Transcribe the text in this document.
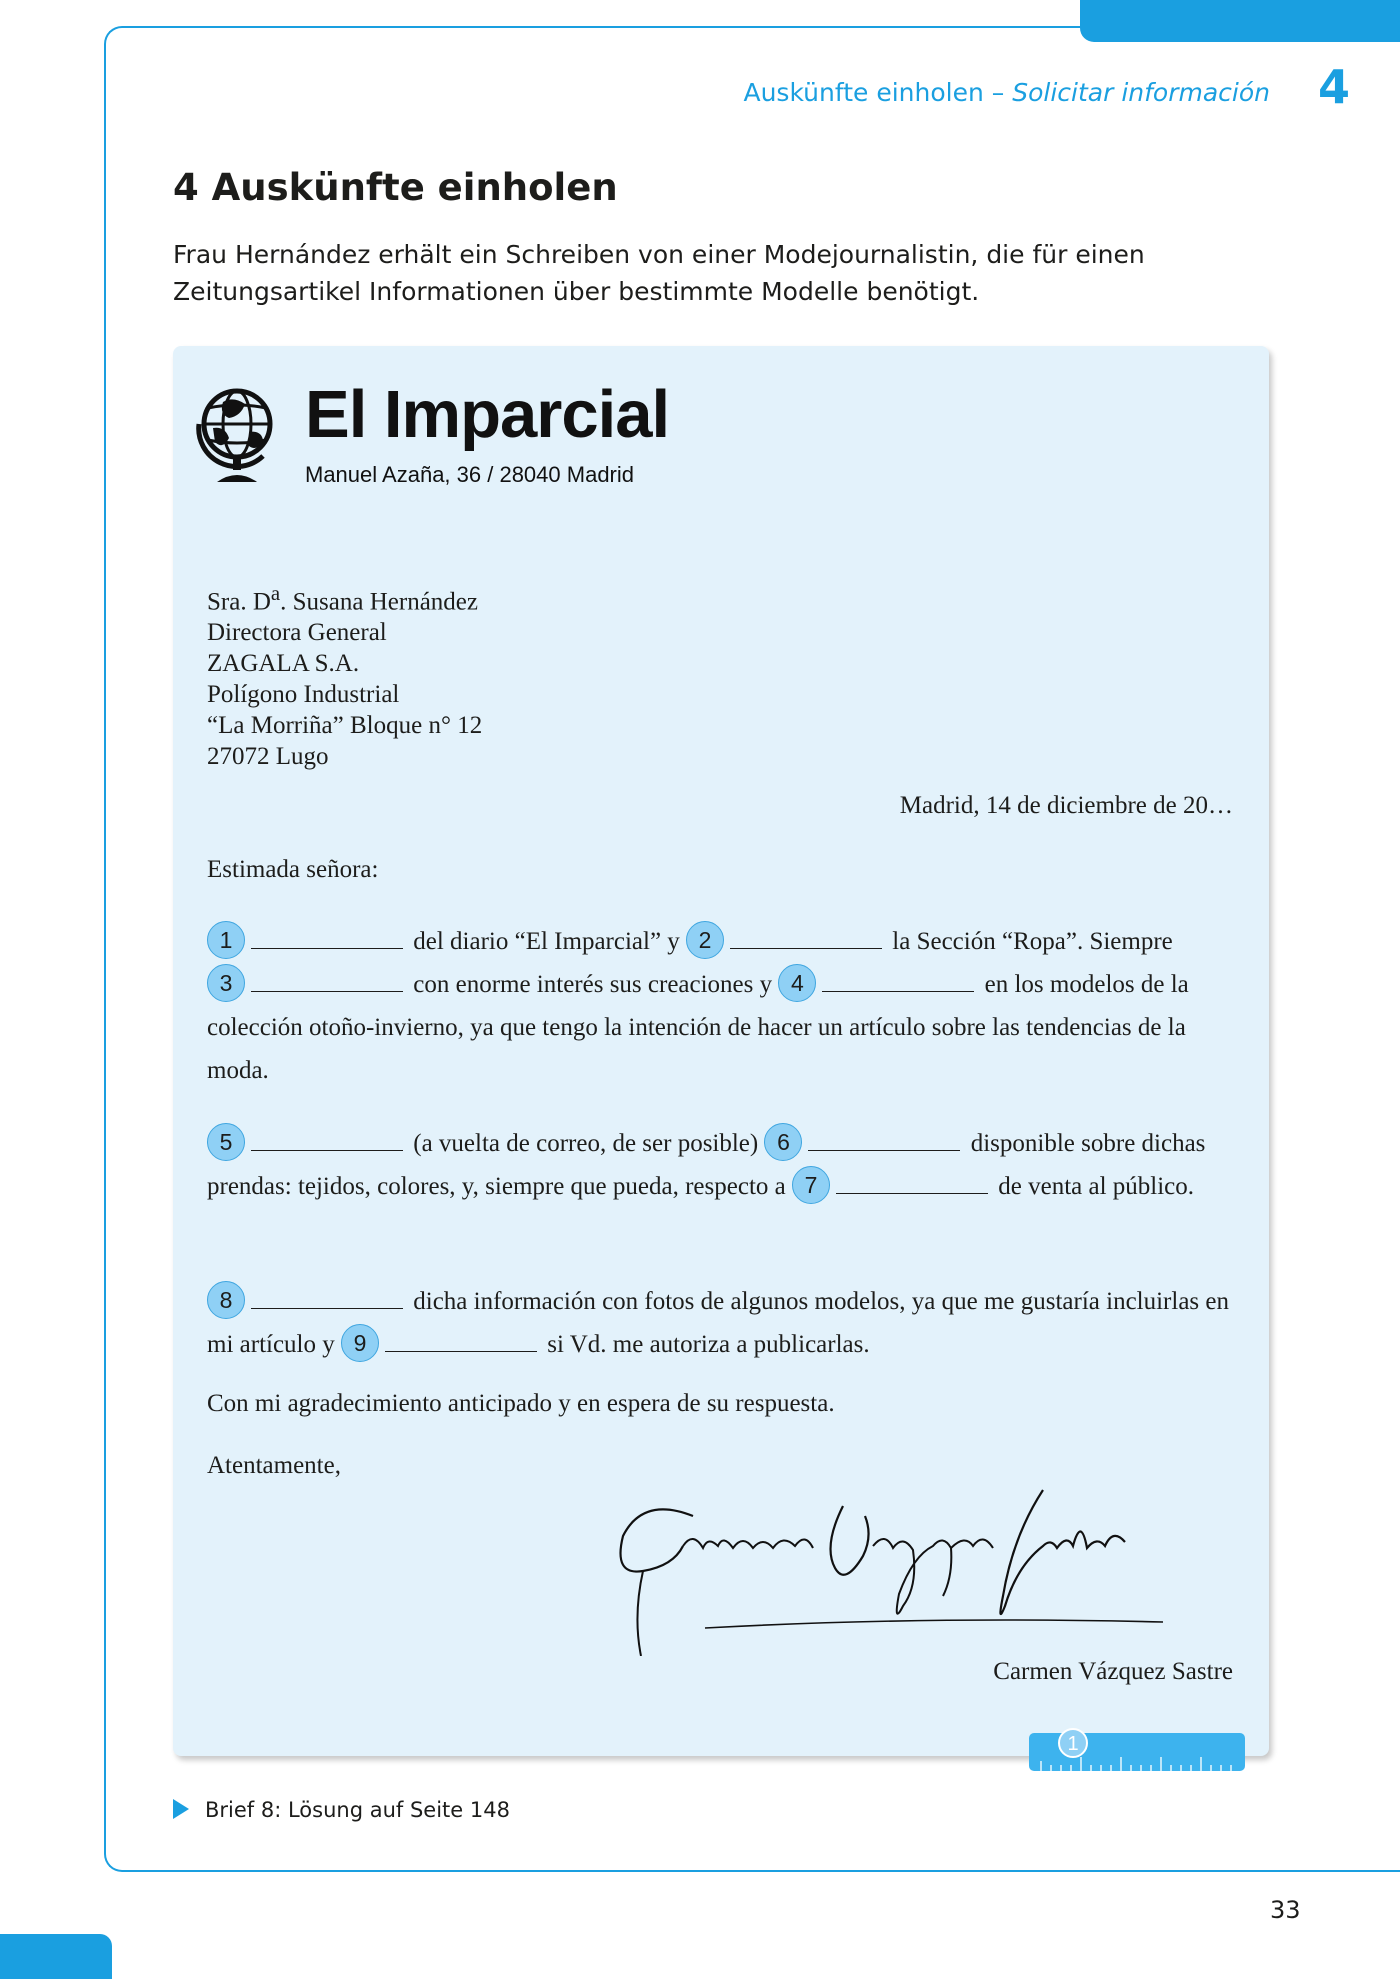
Auskünfte einholen – Solicitar información 4
4 Auskünfte einholen
Frau Hernández erhält ein Schreiben von einer Modejournalistin, die für einen Zeitungsartikel Informationen über bestimmte Modelle benötigt.
El Imparcial
Manuel Azaña, 36 / 28040 Madrid
Sra. $D^a$. Susana Hernández
Directora General
ZAGALA S.A.
Polígono Industrial
“La Morriña” Bloque n° 12
27072 Lugo
Madrid, 14 de diciembre de 20…
Estimada señora:
1	del diario “El Imparcial” y 2	la Sección “Ropa”. Siempre
3	con enorme interés sus creaciones y 4	en los modelos de la colección otoño-invierno, ya que tengo la intención de hacer un artículo sobre las tendencias de la moda.
5	(a vuelta de correo, de ser posible) 6	disponible sobre dichas prendas: tejidos, colores, y, siempre que pueda, respecto a 7	de venta al público.
8	dicha información con fotos de algunos modelos, ya que me gustaría incluirlas en mi artículo y 9	si Vd. me autoriza a publicarlas.
Con mi agradecimiento anticipado y en espera de su respuesta.
Atentamente,
Carmen Vázquez Sastre
1
Brief 8: Lösung auf Seite 148
33
